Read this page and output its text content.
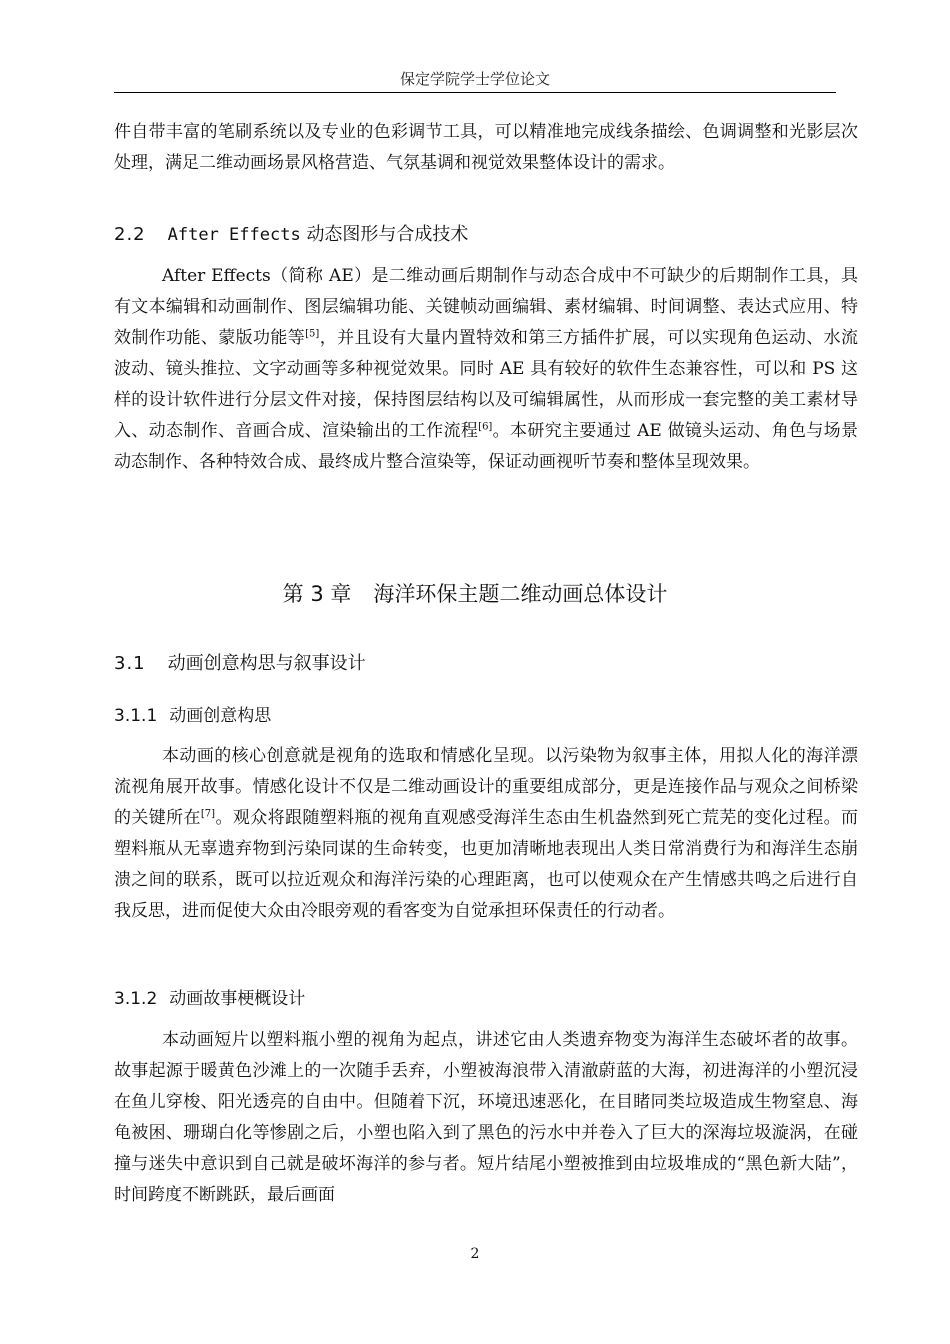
保定学院学士学位论文

件自带丰富的笔刷系统以及专业的色彩调节工具，可以精准地完成线条描绘、色调调整和光影层次处理，满足二维动画场景风格营造、气氛基调和视觉效果整体设计的需求。

2.2 After Effects 动态图形与合成技术

After Effects（简称 AE）是二维动画后期制作与动态合成中不可缺少的后期制作工具，具有文本编辑和动画制作、图层编辑功能、关键帧动画编辑、素材编辑、时间调整、表达式应用、特效制作功能、蒙版功能等[5]，并且设有大量内置特效和第三方插件扩展，可以实现角色运动、水流波动、镜头推拉、文字动画等多种视觉效果。同时 AE 具有较好的软件生态兼容性，可以和 PS 这样的设计软件进行分层文件对接，保持图层结构以及可编辑属性，从而形成一套完整的美工素材导入、动态制作、音画合成、渲染输出的工作流程[6]。本研究主要通过 AE 做镜头运动、角色与场景动态制作、各种特效合成、最终成片整合渲染等，保证动画视听节奏和整体呈现效果。

第 3 章 海洋环保主题二维动画总体设计
3.1 动画创意构思与叙事设计
3.1.1 动画创意构思

本动画的核心创意就是视角的选取和情感化呈现。以污染物为叙事主体，用拟人化的海洋漂流视角展开故事。情感化设计不仅是二维动画设计的重要组成部分，更是连接作品与观众之间桥梁的关键所在[7]。观众将跟随塑料瓶的视角直观感受海洋生态由生机盎然到死亡荒芜的变化过程。而塑料瓶从无辜遗弃物到污染同谋的生命转变，也更加清晰地表现出人类日常消费行为和海洋生态崩溃之间的联系，既可以拉近观众和海洋污染的心理距离，也可以使观众在产生情感共鸣之后进行自我反思，进而促使大众由冷眼旁观的看客变为自觉承担环保责任的行动者。

3.1.2 动画故事梗概设计

本动画短片以塑料瓶小塑的视角为起点，讲述它由人类遗弃物变为海洋生态破坏者的故事。故事起源于暖黄色沙滩上的一次随手丢弃，小塑被海浪带入清澈蔚蓝的大海，初进海洋的小塑沉浸在鱼儿穿梭、阳光透亮的自由中。但随着下沉，环境迅速恶化，在目睹同类垃圾造成生物窒息、海龟被困、珊瑚白化等惨剧之后，小塑也陷入到了黑色的污水中并卷入了巨大的深海垃圾漩涡，在碰撞与迷失中意识到自己就是破坏海洋的参与者。短片结尾小塑被推到由垃圾堆成的“黑色新大陆”，时间跨度不断跳跃，最后画面

2
